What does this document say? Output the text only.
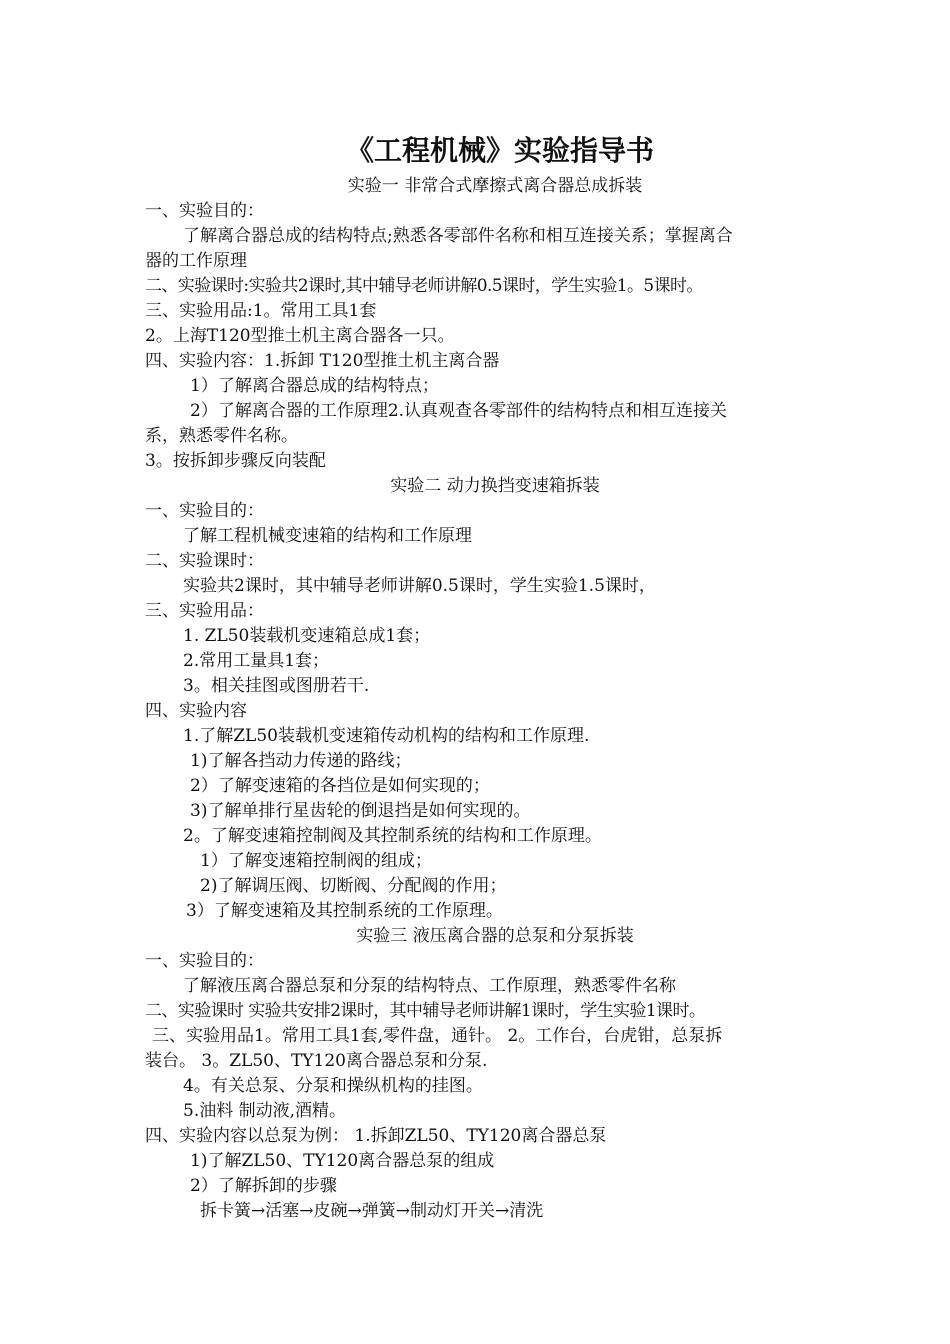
《工程机械》实验指导书
实验一 非常合式摩擦式离合器总成拆装
一、实验目的：
了解离合器总成的结构特点;熟悉各零部件名称和相互连接关系；掌握离合
器的工作原理
二、实验课时:实验共2课时,其中辅导老师讲解0.5课时，学生实验1。5课时。
三、实验用品:1。常用工具1套
2。上海T120型推土机主离合器各一只。
四、实验内容：1.拆卸 T120型推土机主离合器
1）了解离合器总成的结构特点；
2）了解离合器的工作原理2.认真观查各零部件的结构特点和相互连接关
系，熟悉零件名称。
3。按拆卸步骤反向装配
实验二 动力换挡变速箱拆装
一、实验目的：
了解工程机械变速箱的结构和工作原理
二、实验课时：
实验共2课时，其中辅导老师讲解0.5课时，学生实验1.5课时，
三、实验用品：
1. ZL50装载机变速箱总成1套；
2.常用工量具1套；
3。相关挂图或图册若干.
四、实验内容
1.了解ZL50装载机变速箱传动机构的结构和工作原理.
1)了解各挡动力传递的路线；
2）了解变速箱的各挡位是如何实现的；
3)了解单排行星齿轮的倒退挡是如何实现的。
2。了解变速箱控制阀及其控制系统的结构和工作原理。
1）了解变速箱控制阀的组成；
2)了解调压阀、切断阀、分配阀的作用；
3）了解变速箱及其控制系统的工作原理。
实验三 液压离合器的总泵和分泵拆装
一、实验目的：
了解液压离合器总泵和分泵的结构特点、工作原理，熟悉零件名称
二、实验课时 实验共安排2课时，其中辅导老师讲解1课时，学生实验1课时。
三、实验用品1。常用工具1套,零件盘，通针。 2。工作台，台虎钳，总泵拆
装台。 3。ZL50、TY120离合器总泵和分泵.
4。有关总泵、分泵和操纵机构的挂图。
5.油料 制动液,酒精。
四、实验内容以总泵为例： 1.拆卸ZL50、TY120离合器总泵
1)了解ZL50、TY120离合器总泵的组成
2）了解拆卸的步骤
拆卡簧→活塞→皮碗→弹簧→制动灯开关→清洗
